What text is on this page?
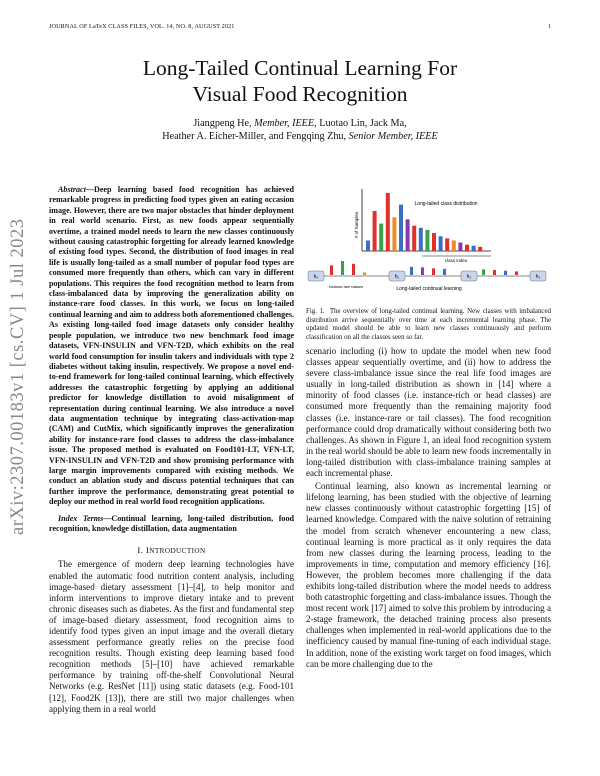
JOURNAL OF LaTeX CLASS FILES, VOL. 14, NO. 8, AUGUST 2021	1
arXiv:2307.00183v1 [cs.CV] 1 Jul 2023
Long-Tailed Continual Learning For
Visual Food Recognition
Jiangpeng He, Member, IEEE, Luotao Lin, Jack Ma,
Heather A. Eicher-Miller, and Fengqing Zhu, Senior Member, IEEE

Abstract—Deep learning based food recognition has achieved remarkable progress in predicting food types given an eating occasion image. However, there are two major obstacles that hinder deployment in real world scenario. First, as new foods appear sequentially overtime, a trained model needs to learn the new classes continuously without causing catastrophic forgetting for already learned knowledge of existing food types. Second, the distribution of food images in real life is usually long-tailed as a small number of popular food types are consumed more frequently than others, which can vary in different populations. This requires the food recognition method to learn from class-imbalanced data by improving the generalization ability on instance-rare food classes. In this work, we focus on long-tailed continual learning and aim to address both aforementioned challenges. As existing long-tailed food image datasets only consider healthy people population, we introduce two new benchmark food image datasets, VFN-INSULIN and VFN-T2D, which exhibits on the real world food consumption for insulin takers and individuals with type 2 diabetes without taking insulin, respectively. We propose a novel end-to-end framework for long-tailed continual learning, which effectively addresses the catastrophic forgetting by applying an additional predictor for knowledge distillation to avoid misalignment of representation during continual learning. We also introduce a novel data augmentation technique by integrating class-activation-map (CAM) and CutMix, which significantly improves the generalization ability for instance-rare food classes to address the class-imbalance issue. The proposed method is evaluated on Food101-LT, VFN-LT, VFN-INSULIN and VFN-T2D and show promising performance with large margin improvements compared with existing methods. We conduct an ablation study and discuss potential techniques that can further improve the performance, demonstrating great potential to deploy our method in real world food recognition applications.

Index Terms—Continual learning, long-tailed distribution, food recognition, knowledge distillation, data augmentation

I. INTRODUCTION

The emergence of modern deep learning technologies have enabled the automatic food nutrition content analysis, including image-based dietary assessment [1]–[4], to help monitor and inform interventions to improve dietary intake and to prevent chronic diseases such as diabetes. As the first and fundamental step of image-based dietary assessment, food recognition aims to identify food types given an input image and the overall dietary assessment performance greatly relies on the precise food recognition results. Though existing deep learning based food recognition methods [5]–[10] have achieved remarkable performance by training off-the-shelf Convolutional Neural Networks (e.g. ResNet [11]) using static datasets (e.g. Food-101 [12], Food2K [13]), there are still two major challenges when applying them in a real world

# of Samples
Long-tailed class distribution
class index
h₀	h₁	h₂	h₃
Instance-rare classes	Long-tailed continual learning

Fig. 1. The overview of long-tailed continual learning. New classes with imbalanced distribution arrive sequentially over time at each incremental learning phase. The updated model should be able to learn new classes continuously and perform classification on all the classes seen so far.

scenario including (i) how to update the model when new food classes appear sequentially overtime, and (ii) how to address the severe class-imbalance issue since the real life food images are usually in long-tailed distribution as shown in [14] where a minority of food classes (i.e. instance-rich or head classes) are consumed more frequently than the remaining majority food classes (i.e. instance-rare or tail classes). The food recognition performance could drop dramatically without considering both two challenges. As shown in Figure 1, an ideal food recognition system in the real world should be able to learn new foods incrementally in long-tailed distribution with class-imbalance training samples at each incremental phase.

Continual learning, also known as incremental learning or lifelong learning, has been studied with the objective of learning new classes continuously without catastrophic forgetting [15] of learned knowledge. Compared with the naive solution of retraining the model from scratch whenever encountering a new class, continual learning is more practical as it only requires the data from new classes during the learning process, leading to the improvements in time, computation and memory efficiency [16]. However, the problem becomes more challenging if the data exhibits long-tailed distribution where the model needs to address both catastrophic forgetting and class-imbalance issues. Though the most recent work [17] aimed to solve this problem by introducing a 2-stage framework, the detached training process also presents challenges when implemented in real-world applications due to the inefficiency caused by manual fine-tuning of each individual stage. In addition, none of the existing work target on food images, which can be more challenging due to the
